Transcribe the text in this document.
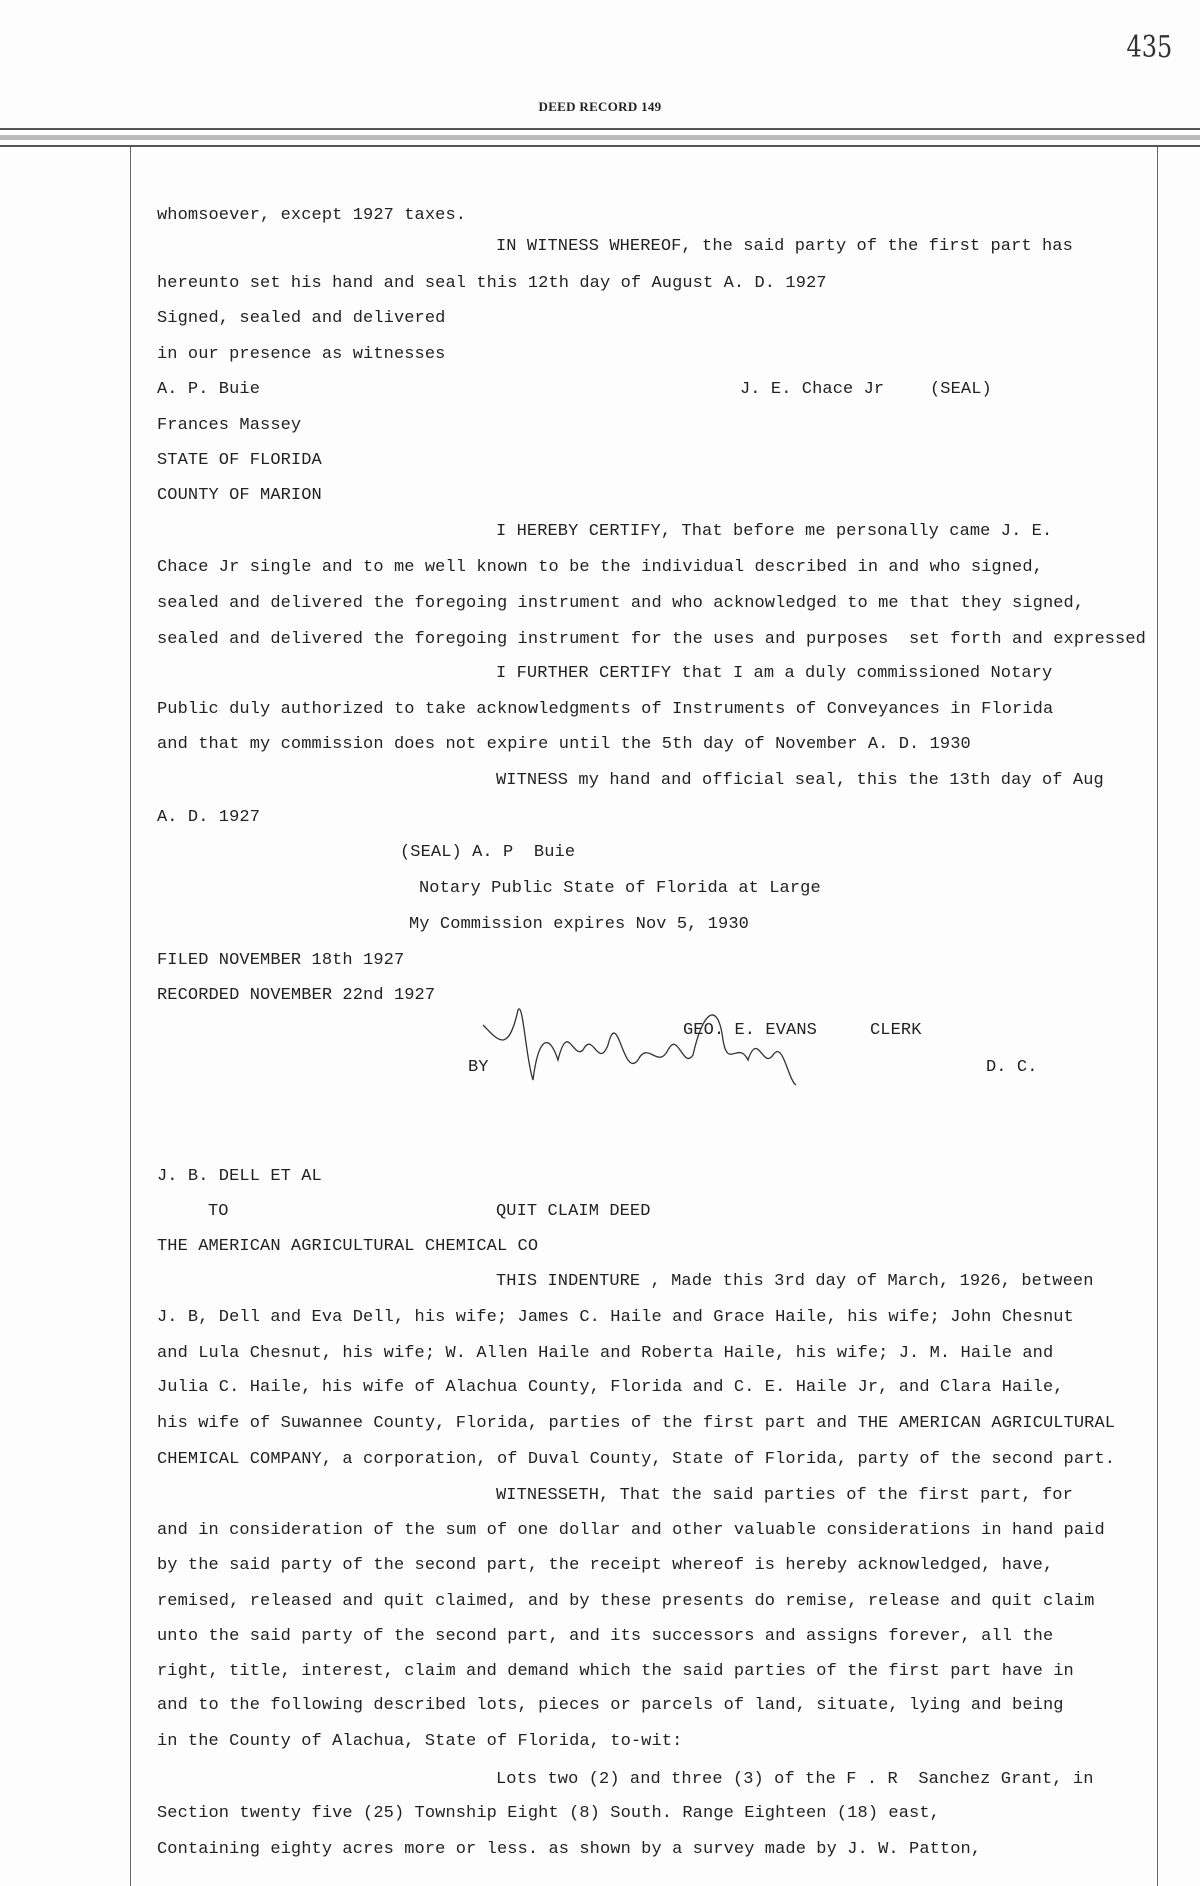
435
DEED RECORD 149
whomsoever, except 1927 taxes.
IN WITNESS WHEREOF, the said party of the first part has
hereunto set his hand and seal this 12th day of August A. D. 1927
Signed, sealed and delivered
in our presence as witnesses
A. P. Buie	J. E. Chace Jr	(SEAL)
Frances Massey
STATE OF FLORIDA
COUNTY OF MARION
I HEREBY CERTIFY, That before me personally came J. E.
Chace Jr single and to me well known to be the individual described in and who signed,
sealed and delivered the foregoing instrument and who acknowledged to me that they signed,
sealed and delivered the foregoing instrument for the uses and purposes  set forth and expressed
I FURTHER CERTIFY that I am a duly commissioned Notary
Public duly authorized to take acknowledgments of Instruments of Conveyances in Florida
and that my commission does not expire until the 5th day of November A. D. 1930
WITNESS my hand and official seal, this the 13th day of Aug
A. D. 1927
(SEAL) A. P  Buie
Notary Public State of Florida at Large
My Commission expires Nov 5, 1930
FILED NOVEMBER 18th 1927
RECORDED NOVEMBER 22nd 1927
GEO. E. EVANS	CLERK
BY	D. C.
J. B. DELL ET AL
TO	QUIT CLAIM DEED
THE AMERICAN AGRICULTURAL CHEMICAL CO
THIS INDENTURE , Made this 3rd day of March, 1926, between
J. B, Dell and Eva Dell, his wife; James C. Haile and Grace Haile, his wife; John Chesnut
and Lula Chesnut, his wife; W. Allen Haile and Roberta Haile, his wife; J. M. Haile and
Julia C. Haile, his wife of Alachua County, Florida and C. E. Haile Jr, and Clara Haile,
his wife of Suwannee County, Florida, parties of the first part and THE AMERICAN AGRICULTURAL
CHEMICAL COMPANY, a corporation, of Duval County, State of Florida, party of the second part.
WITNESSETH, That the said parties of the first part, for
and in consideration of the sum of one dollar and other valuable considerations in hand paid
by the said party of the second part, the receipt whereof is hereby acknowledged, have,
remised, released and quit claimed, and by these presents do remise, release and quit claim
unto the said party of the second part, and its successors and assigns forever, all the
right, title, interest, claim and demand which the said parties of the first part have in
and to the following described lots, pieces or parcels of land, situate, lying and being
in the County of Alachua, State of Florida, to-wit:
Lots two (2) and three (3) of the F . R  Sanchez Grant, in
Section twenty five (25) Township Eight (8) South. Range Eighteen (18) east,
Containing eighty acres more or less. as shown by a survey made by J. W. Patton,
